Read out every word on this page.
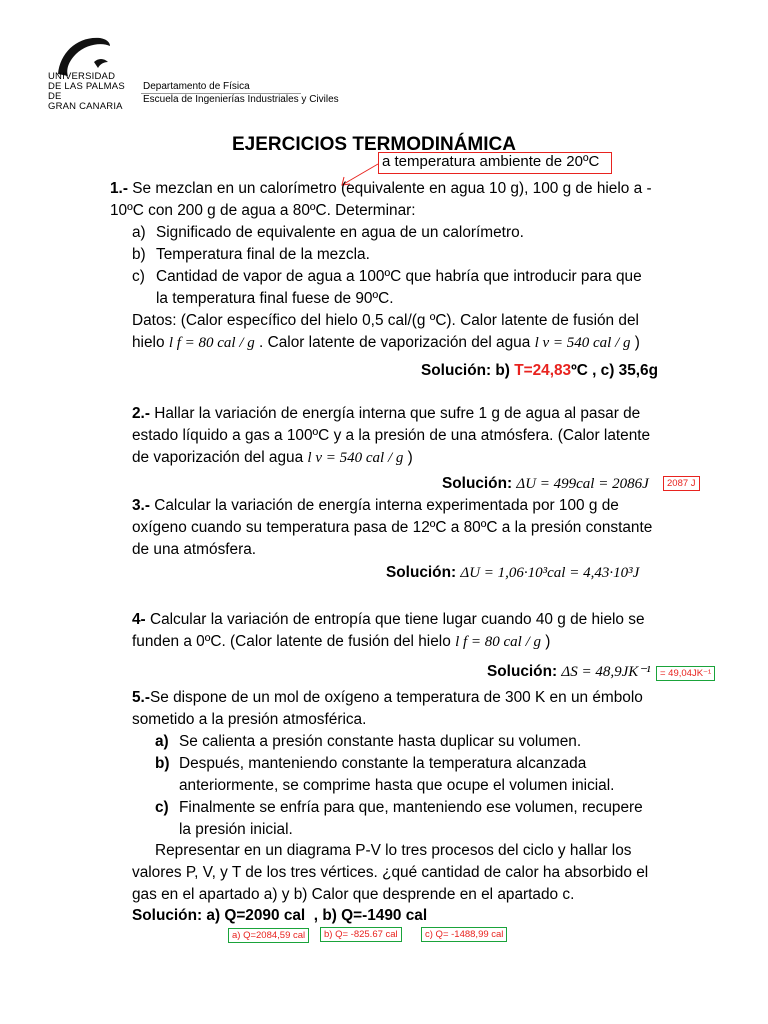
UNIVERSIDAD
DE LAS PALMAS DE
GRAN CANARIA
Departamento de Física
Escuela de Ingenierías Industriales y Civiles
EJERCICIOS TERMODINÁMICA
a temperatura ambiente de 20ºC
1.- Se mezclan en un calorímetro (equivalente en agua 10 g), 100 g de hielo a -
10ºC con 200 g de agua a 80ºC. Determinar:
a) Significado de equivalente en agua de un calorímetro.
b) Temperatura final de la mezcla.
c) Cantidad de vapor de agua a 100ºC que habría que introducir para que
la temperatura final fuese de 90ºC.
Datos: (Calor específico del hielo 0,5 cal/(g ºC). Calor latente de fusión del
hielo l f = 80 cal / g . Calor latente de vaporización del agua l v = 540 cal / g )
Solución: b) T=24,83ºC , c) 35,6g
2.- Hallar la variación de energía interna que sufre 1 g de agua al pasar de
estado líquido a gas a 100ºC y a la presión de una atmósfera. (Calor latente
de vaporización del agua l v = 540 cal / g )
Solución: ΔU = 499cal = 2086J	2087 J
3.- Calcular la variación de energía interna experimentada por 100 g de
oxígeno cuando su temperatura pasa de 12ºC a 80ºC a la presión constante
de una atmósfera.
Solución: ΔU = 1,06·10³cal = 4,43·10³J
4- Calcular la variación de entropía que tiene lugar cuando 40 g de hielo se
funden a 0ºC. (Calor latente de fusión del hielo l f = 80 cal / g )
Solución: ΔS = 48,9JK⁻¹ = 49,04JK⁻¹
5.-Se dispone de un mol de oxígeno a temperatura de 300 K en un émbolo
sometido a la presión atmosférica.
a) Se calienta a presión constante hasta duplicar su volumen.
b) Después, manteniendo constante la temperatura alcanzada
anteriormente, se comprime hasta que ocupe el volumen inicial.
c) Finalmente se enfría para que, manteniendo ese volumen, recupere
la presión inicial.
Representar en un diagrama P-V lo tres procesos del ciclo y hallar los
valores P, V, y T de los tres vértices. ¿qué cantidad de calor ha absorbido el
gas en el apartado a) y b) Calor que desprende en el apartado c.
Solución: a) Q=2090 cal  , b) Q=-1490 cal
a) Q=2084,59 cal	b) Q= -825.67 cal	c) Q= -1488,99 cal
